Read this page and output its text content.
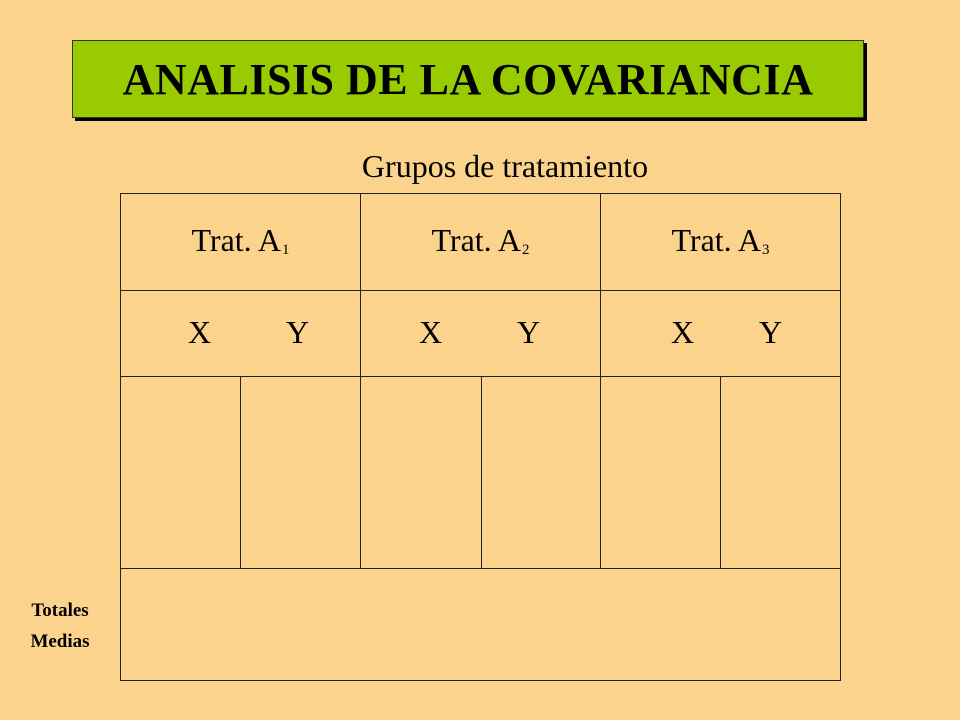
ANALISIS DE LA COVARIANCIA
Grupos de tratamiento
Trat. $A_1$	Trat. $A_2$	Trat. $A_3$
X Y	X Y	X Y
Totales
Medias
